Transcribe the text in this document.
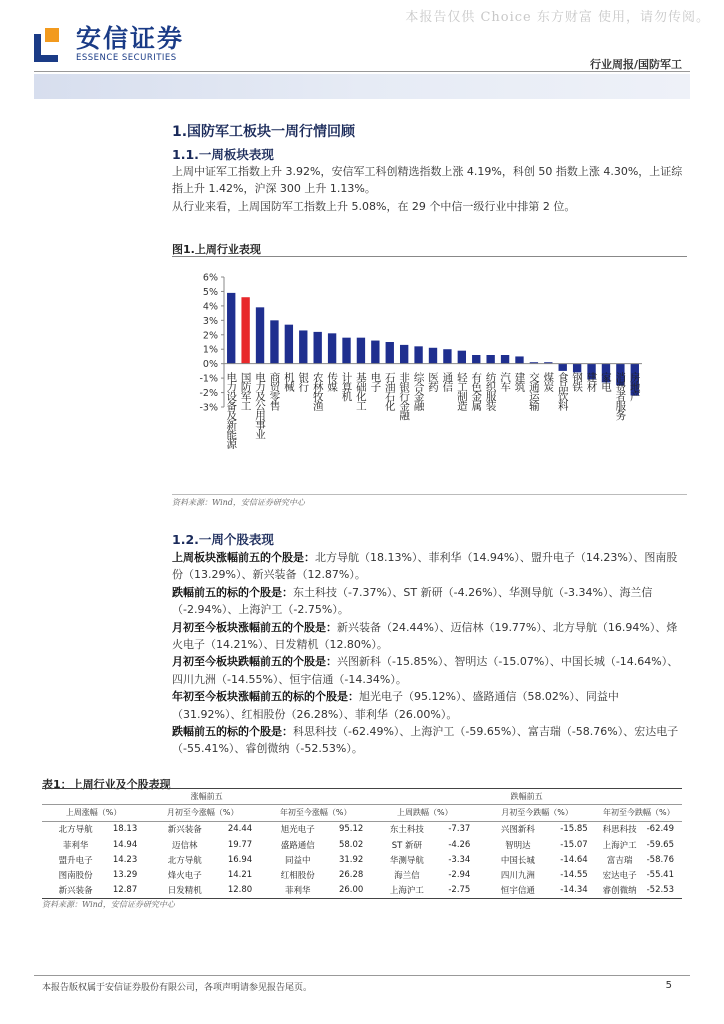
本报告仅供 Choice 东方财富 使用，请勿传阅。
安信证券
ESSENCE SECURITIES	行业周报/国防军工
1.国防军工板块一周行情回顾
1.1.一周板块表现
上周中证军工指数上升 3.92%，安信军工科创精选指数上涨 4.19%，科创 50 指数上涨 4.30%，上证综指上升 1.42%，沪深 300 上升 1.13%。
从行业来看，上周国防军工指数上升 5.08%，在 29 个中信一级行业中排第 2 位。
图1.上周行业表现
6%
5%
4%
3%
2%
1%
0%
-1%
-2%
-3% 电力设备及新能源 国防军工 电力及公用事业 商贸零售 机械 银行 农林牧渔 传媒 计算机 基础化工 电子 石油石化 非银行金融 综合金融 医药 通信 轻工制造 有色金属 纺织服装 汽车 建筑 交通运输 煤炭 食品饮料 钢铁 建材 家电 消费者服务 房地产
资料来源：Wind，安信证券研究中心
1.2.一周个股表现
上周板块涨幅前五的个股是：北方导航（18.13%）、菲利华（14.94%）、盟升电子（14.23%）、图南股份（13.29%）、新兴装备（12.87%）。
跌幅前五的标的个股是：东土科技（-7.37%）、ST 新研（-4.26%）、华测导航（-3.34%）、海兰信（-2.94%）、上海沪工（-2.75%）。
月初至今板块涨幅前五的个股是：新兴装备（24.44%）、迈信林（19.77%）、北方导航（16.94%）、烽火电子（14.21%）、日发精机（12.80%）。
月初至今板块跌幅前五的个股是：兴图新科（-15.85%）、智明达（-15.07%）、中国长城（-14.64%）、四川九洲（-14.55%）、恒宇信通（-14.34%）。
年初至今板块涨幅前五的标的个股是：旭光电子（95.12%）、盛路通信（58.02%）、同益中（31.92%）、红相股份（26.28%）、菲利华（26.00%）。
跌幅前五的标的个股是：科思科技（-62.49%）、上海沪工（-59.65%）、富吉瑞（-58.76%）、宏达电子（-55.41%）、睿创微纳（-52.53%）。
表1：上周行业及个股表现
涨幅前五						跌幅前五					
上周涨幅（%）		月初至今涨幅（%）		年初至今涨幅（%）		上周跌幅（%）		月初至今跌幅（%）		年初至今跌幅（%）	
北方导航	18.13	新兴装备	24.44	旭光电子	95.12	东土科技	-7.37	兴图新科	-15.85	科思科技	-62.49
菲利华	14.94	迈信林	19.77	盛路通信	58.02	ST 新研	-4.26	智明达	-15.07	上海沪工	-59.65
盟升电子	14.23	北方导航	16.94	同益中	31.92	华测导航	-3.34	中国长城	-14.64	富吉瑞	-58.76
图南股份	13.29	烽火电子	14.21	红相股份	26.28	海兰信	-2.94	四川九洲	-14.55	宏达电子	-55.41
新兴装备	12.87	日发精机	12.80	菲利华	26.00	上海沪工	-2.75	恒宇信通	-14.34	睿创微纳	-52.53
资料来源：Wind，安信证券研究中心
本报告版权属于安信证券股份有限公司，各项声明请参见报告尾页。	5
